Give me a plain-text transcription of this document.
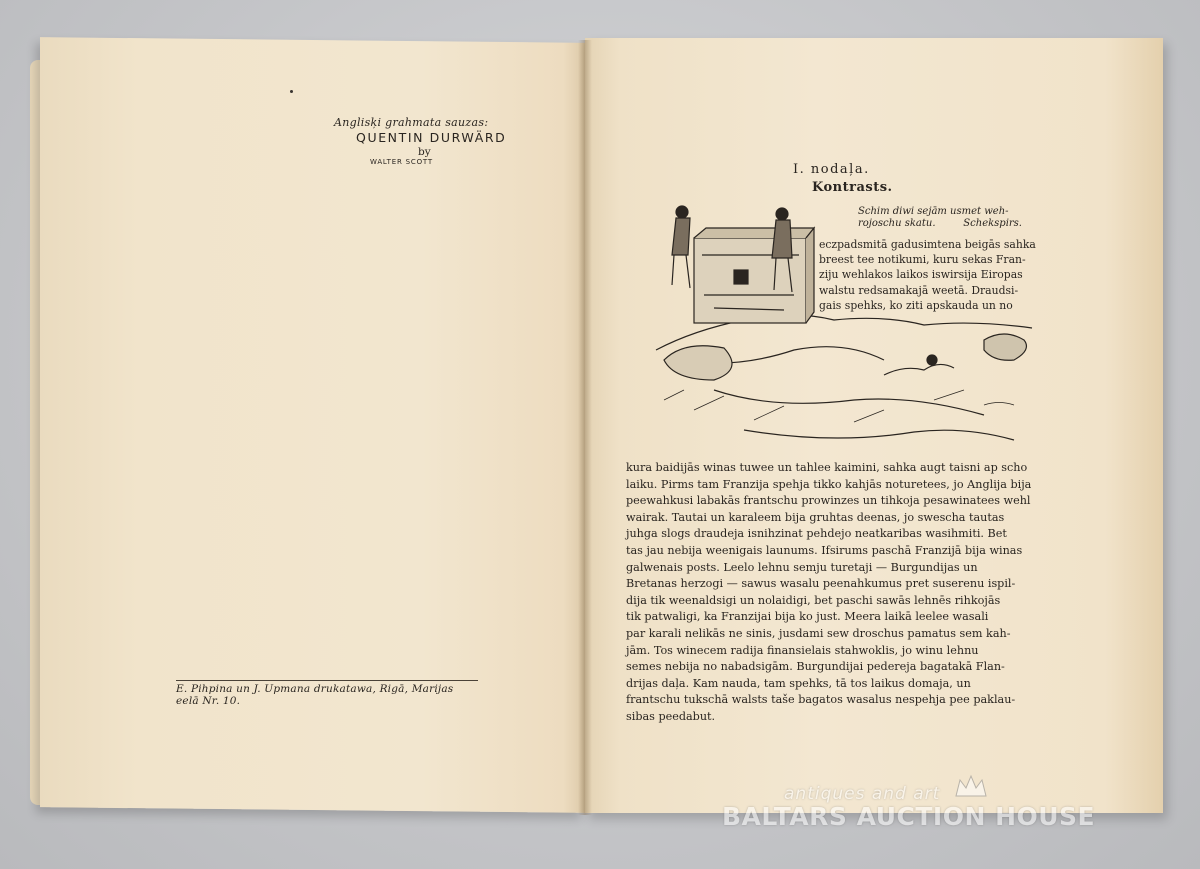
Anglisķi grahmata sauzas:
QUENTIN DURWÄRD
by
WALTER SCOTT
E. Pihpina un J. Upmana drukatawa, Rigā, Marijas eelā Nr. 10.
I. nodaļa.
Kontrasts.
Schim diwi sejām usmet weh-rojoschu skatu.	Schekspirs.
eczpadsmitā gadusimtena beigās sahka
breest tee notikumi, kuru sekas Fran-
ziju wehlakos laikos iswirsija Eiropas
walstu redsamakajā weetā. Draudsi-
gais spehks, ko ziti apskauda un no
kura baidijās winas tuwee un tahlee kaimini, sahka augt taisni ap scho
laiku. Pirms tam Franzija spehja tikko kahjās noturetees, jo Anglija bija
peewahkusi labakās frantschu prowinzes un tihkoja pesawinatees wehl
wairak. Tautai un karaleem bija gruhtas deenas, jo swescha tautas
juhga slogs draudeja isnihzinat pehdejo neatkaribas wasihmiti. Bet
tas jau nebija weenigais launums. Ifsirums paschā Franzijā bija winas
galwenais posts. Leelo lehnu semju turetaji — Burgundijas un
Bretanas herzogi — sawus wasalu peenahkumus pret suserenu ispil-
dija tik weenaldsigi un nolaidigi, bet paschi sawās lehnēs rihkojās
tik patwaligi, ka Franzijai bija ko just. Meera laikā leelee wasali
par karali nelikās ne sinis, jusdami sew droschus pamatus sem kah-
jām. Tos winecem radija finansielais stahwoklis, jo winu lehnu
semes nebija no nabadsigām. Burgundijai pedereja bagatakā Flan-
drijas daļa. Kam nauda, tam spehks, tā tos laikus domaja, un
frantschu tukschā walsts taše bagatos wasalus nespehja pee paklau-
sibas peedabut.
antiques and art
BALTARS AUCTION HOUSE
